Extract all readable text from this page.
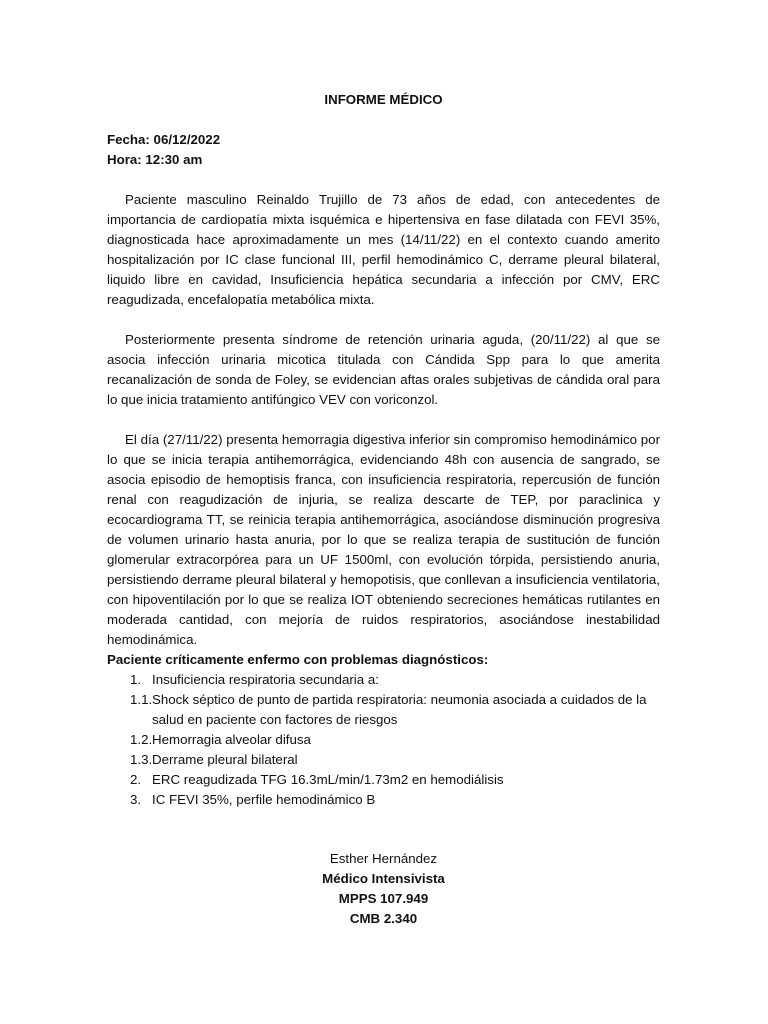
INFORME MÉDICO
Fecha: 06/12/2022
Hora: 12:30 am

Paciente masculino Reinaldo Trujillo de 73 años de edad, con antecedentes de importancia de cardiopatía mixta isquémica e hipertensiva en fase dilatada con FEVI 35%, diagnosticada hace aproximadamente un mes (14/11/22) en el contexto cuando amerito hospitalización por IC clase funcional III, perfil hemodinámico C, derrame pleural bilateral, liquido libre en cavidad, Insuficiencia hepática secundaria a infección por CMV, ERC reagudizada, encefalopatía metabólica mixta.

Posteriormente presenta síndrome de retención urinaria aguda, (20/11/22) al que se asocia infección urinaria micotica titulada con Cándida Spp para lo que amerita recanalización de sonda de Foley, se evidencian aftas orales subjetivas de cándida oral para lo que inicia tratamiento antifúngico VEV con voriconzol.

El día (27/11/22) presenta hemorragia digestiva inferior sin compromiso hemodinámico por lo que se inicia terapia antihemorrágica, evidenciando 48h con ausencia de sangrado, se asocia episodio de hemoptisis franca, con insuficiencia respiratoria, repercusión de función renal con reagudización de injuria, se realiza descarte de TEP, por paraclinica y ecocardiograma TT, se reinicia terapia antihemorrágica, asociándose disminución progresiva de volumen urinario hasta anuria, por lo que se realiza terapia de sustitución de función glomerular extracorpórea para un UF 1500ml, con evolución tórpida, persistiendo anuria, persistiendo derrame pleural bilateral y hemopotisis, que conllevan a insuficiencia ventilatoria, con hipoventilación por lo que se realiza IOT obteniendo secreciones hemáticas rutilantes en moderada cantidad, con mejoría de ruidos respiratorios, asociándose inestabilidad hemodinámica.

Paciente críticamente enfermo con problemas diagnósticos:
1. Insuficiencia respiratoria secundaria a:
1.1. Shock séptico de punto de partida respiratoria: neumonia asociada a cuidados de la salud en paciente con factores de riesgos
1.2. Hemorragia alveolar difusa
1.3. Derrame pleural bilateral
2. ERC reagudizada TFG 16.3mL/min/1.73m2 en hemodiálisis
3. IC FEVI 35%, perfile hemodinámico B
Esther Hernández
Médico Intensivista
MPPS 107.949
CMB 2.340
